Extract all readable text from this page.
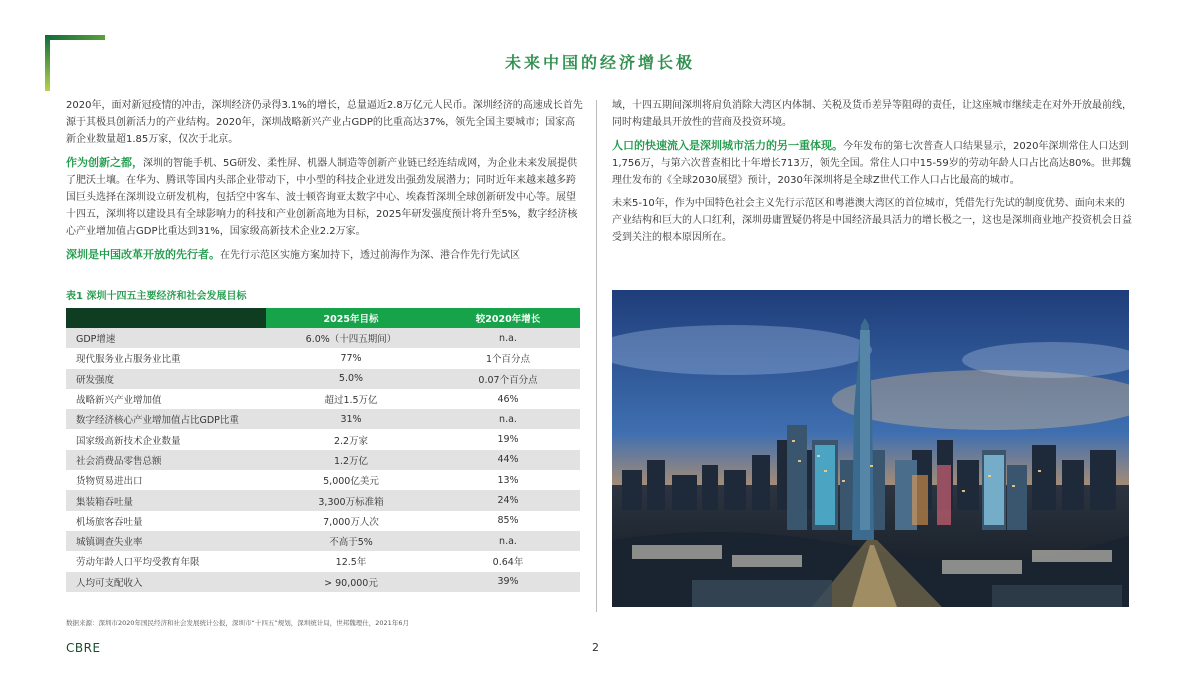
未来中国的经济增长极

2020年，面对新冠疫情的冲击，深圳经济仍录得3.1%的增长，总量逼近2.8万亿元人民币。深圳经济的高速成长首先源于其极具创新活力的产业结构。2020年，深圳战略新兴产业占GDP的比重高达37%，领先全国主要城市；国家高新企业数量超1.85万家，仅次于北京。

作为创新之都，深圳的智能手机、5G研发、柔性屏、机器人制造等创新产业链已经连结成网，为企业未来发展提供了肥沃土壤。在华为、腾讯等国内头部企业带动下，中小型的科技企业迸发出强劲发展潜力；同时近年来越来越多跨国巨头选择在深圳设立研发机构，包括空中客车、波士顿咨询亚太数字中心、埃森哲深圳全球创新研发中心等。展望十四五，深圳将以建设具有全球影响力的科技和产业创新高地为目标，2025年研发强度预计将升至5%，数字经济核心产业增加值占GDP比重达到31%，国家级高新技术企业2.2万家。

深圳是中国改革开放的先行者。在先行示范区实施方案加持下，透过前海作为深、港合作先行先试区

表1 深圳十四五主要经济和社会发展目标
	2025年目标	较2020年增长
GDP增速	6.0%（十四五期间）	n.a.
现代服务业占服务业比重	77%	1个百分点
研发强度	5.0%	0.07个百分点
战略新兴产业增加值	超过1.5万亿	46%
数字经济核心产业增加值占比GDP比重	31%	n.a.
国家级高新技术企业数量	2.2万家	19%
社会消费品零售总额	1.2万亿	44%
货物贸易进出口	5,000亿美元	13%
集装箱吞吐量	3,300万标准箱	24%
机场旅客吞吐量	7,000万人次	85%
城镇调查失业率	不高于5%	n.a.
劳动年龄人口平均受教育年限	12.5年	0.64年
人均可支配收入	> 90,000元	39%
数据来源：深圳市2020年国民经济和社会发展统计公报，深圳市“十四五”规划，深圳统计局，世邦魏理仕，2021年6月

域，十四五期间深圳将肩负消除大湾区内体制、关税及货币差异等阻碍的责任，让这座城市继续走在对外开放最前线，同时构建最具开放性的营商及投资环境。

人口的快速流入是深圳城市活力的另一重体现。今年发布的第七次普查人口结果显示，2020年深圳常住人口达到1,756万，与第六次普查相比十年增长713万，领先全国。常住人口中15-59岁的劳动年龄人口占比高达80%。世邦魏理仕发布的《全球2030展望》预计，2030年深圳将是全球Z世代工作人口占比最高的城市。

未来5-10年，作为中国特色社会主义先行示范区和粤港澳大湾区的首位城市，凭借先行先试的制度优势、面向未来的产业结构和巨大的人口红利，深圳毋庸置疑仍将是中国经济最具活力的增长极之一，这也是深圳商业地产投资机会日益受到关注的根本原因所在。

CBRE	2
